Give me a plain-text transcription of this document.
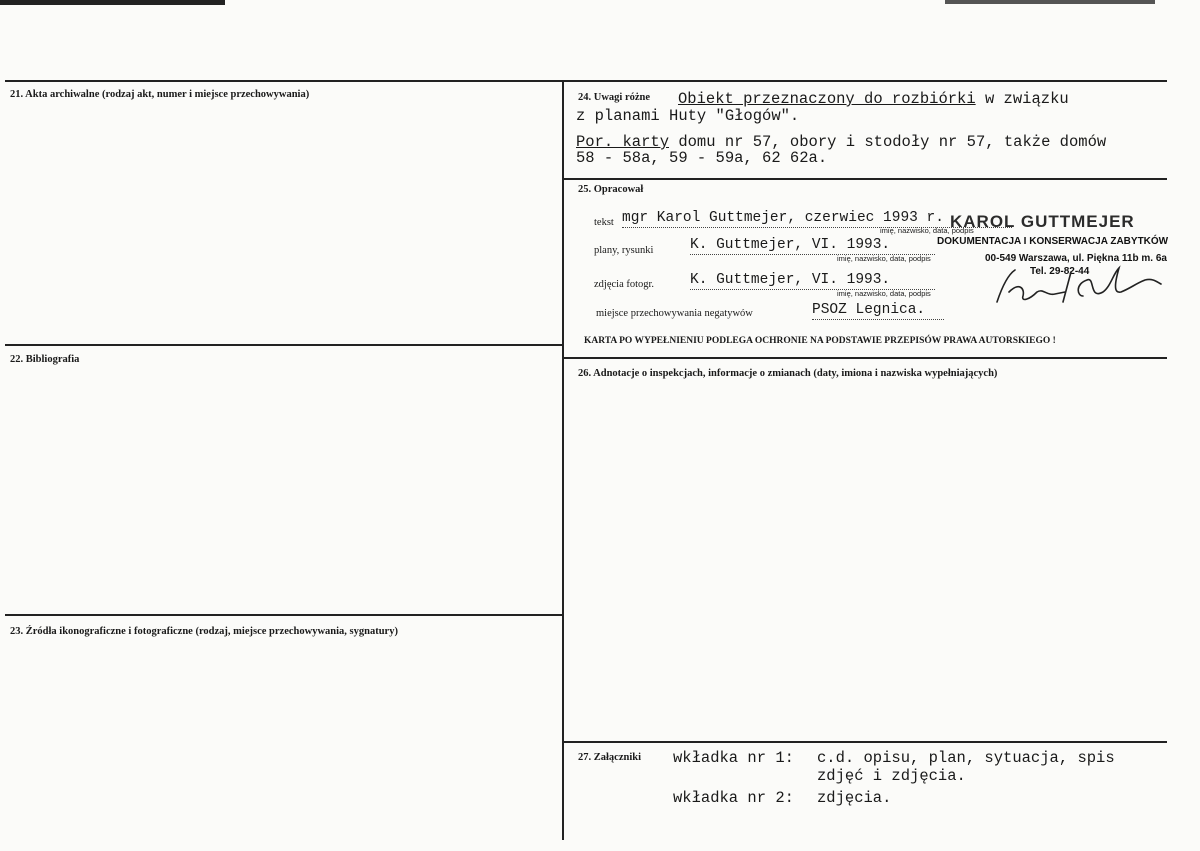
21. Akta archiwalne (rodzaj akt, numer i miejsce przechowywania)
22. Bibliografia
23. Źródła ikonograficzne i fotograficzne (rodzaj, miejsce przechowywania, sygnatury)
24. Uwagi różne Obiekt przeznaczony do rozbiórki w związku
z planami Huty "Głogów".
Por. karty domu nr 57, obory i stodoły nr 57, także domów
58 - 58a, 59 - 59a, 62 62a.
25. Opracował
tekst mgr Karol Guttmejer, czerwiec 1993 r.
imię, nazwisko, data, podpis
plany, rysunki	K. Guttmejer, VI. 1993.
imię, nazwisko, data, podpis
zdjęcia fotogr. K. Guttmejer, VI. 1993.
imię, nazwisko, data, podpis
miejsce przechowywania negatywów	PSOZ Legnica.
KARTA PO WYPEŁNIENIU PODLEGA OCHRONIE NA PODSTAWIE PRZEPISÓW PRAWA AUTORSKIEGO !
KAROL GUTTMEJER
DOKUMENTACJA I KONSERWACJA ZABYTKÓW
00-549 Warszawa, ul. Piękna 11b m. 6a
Tel. 29-82-44
26. Adnotacje o inspekcjach, informacje o zmianach (daty, imiona i nazwiska wypełniających)
27. Załączniki wkładka nr 1: c.d. opisu, plan, sytuacja, spis
zdjęć i zdjęcia.
wkładka nr 2: zdjęcia.
